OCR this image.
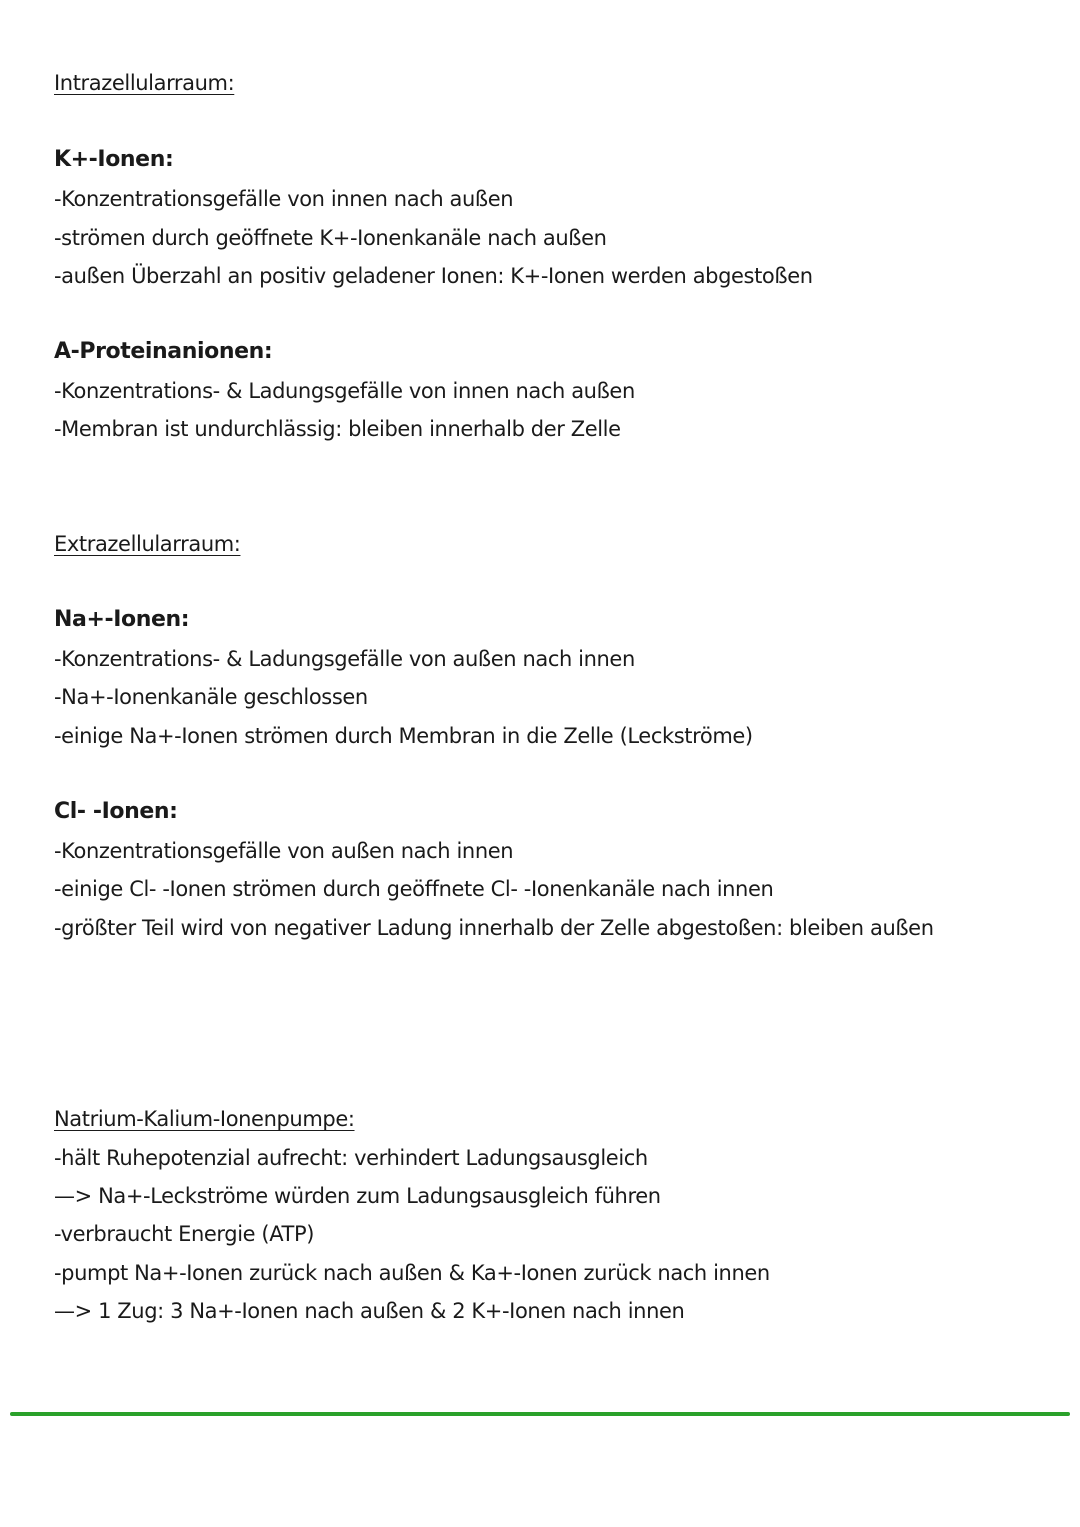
Intrazellularraum:
K+-Ionen:
-Konzentrationsgefälle von innen nach außen
-strömen durch geöffnete K+-Ionenkanäle nach außen
-außen Überzahl an positiv geladener Ionen: K+-Ionen werden abgestoßen
A-Proteinanionen:
-Konzentrations- & Ladungsgefälle von innen nach außen
-Membran ist undurchlässig: bleiben innerhalb der Zelle
Extrazellularraum:
Na+-Ionen:
-Konzentrations- & Ladungsgefälle von außen nach innen
-Na+-Ionenkanäle geschlossen
-einige Na+-Ionen strömen durch Membran in die Zelle (Leckströme)
Cl- -Ionen:
-Konzentrationsgefälle von außen nach innen
-einige Cl- -Ionen strömen durch geöffnete Cl- -Ionenkanäle nach innen
-größter Teil wird von negativer Ladung innerhalb der Zelle abgestoßen: bleiben außen
Natrium-Kalium-Ionenpumpe:
-hält Ruhepotenzial aufrecht: verhindert Ladungsausgleich
—> Na+-Leckströme würden zum Ladungsausgleich führen
-verbraucht Energie (ATP)
-pumpt Na+-Ionen zurück nach außen & Ka+-Ionen zurück nach innen
—> 1 Zug: 3 Na+-Ionen nach außen & 2 K+-Ionen nach innen
